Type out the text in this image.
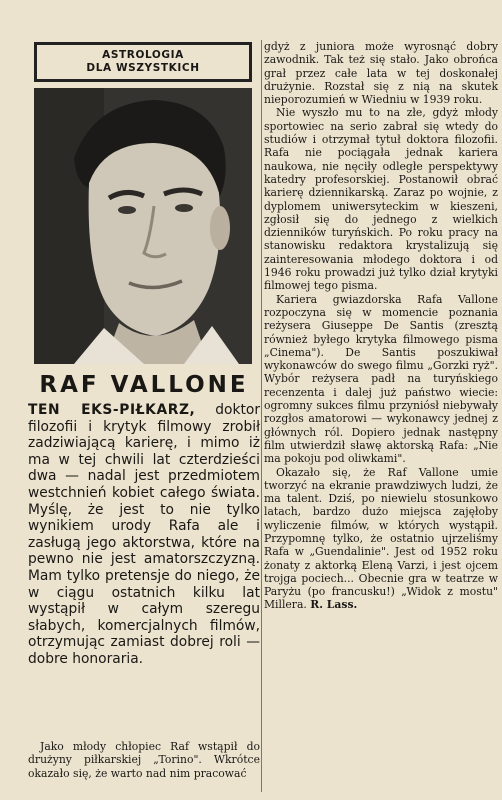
ASTROLOGIA
DLA WSZYSTKICH
RAF VALLONE
TEN EKS-PIŁKARZ, doktor filozofii i krytyk filmowy zrobił zadziwiającą karierę, i mimo iż ma w tej chwili lat czterdzieści dwa — nadal jest przedmiotem westchnień kobiet całego świata. Myślę, że jest to nie tylko wynikiem urody Rafa ale i zasługą jego aktorstwa, które na pewno nie jest amatorszczyzną. Mam tylko pretensje do niego, że w ciągu ostatnich kilku lat wystąpił w całym szeregu słabych, komercjalnych filmów, otrzymując zamiast dobrej roli — dobre honoraria.
Jako młody chłopiec Raf wstąpił do drużyny piłkarskiej „Torino". Wkrótce okazało się, że warto nad nim pracować

gdyż z juniora może wyrosnąć dobry zawodnik. Tak też się stało. Jako obrońca grał przez całe lata w tej doskonałej drużynie. Rozstał się z nią na skutek nieporozumień w Wiedniu w 1939 roku.

Nie wyszło mu to na złe, gdyż młody sportowiec na serio zabrał się wtedy do studiów i otrzymał tytuł doktora filozofii. Rafa nie pociągała jednak kariera naukowa, nie nęciły odległe perspektywy katedry profesorskiej. Postanowił obrać karierę dziennikarską. Zaraz po wojnie, z dyplomem uniwersyteckim w kieszeni, zgłosił się do jednego z wielkich dzienników turyńskich. Po roku pracy na stanowisku redaktora krystalizują się zainteresowania młodego doktora i od 1946 roku prowadzi już tylko dział krytyki filmowej tego pisma.

Kariera gwiazdorska Rafa Vallone rozpoczyna się w momencie poznania reżysera Giuseppe De Santis (zresztą również byłego krytyka filmowego pisma „Cinema"). De Santis poszukiwał wykonawców do swego filmu „Gorzki ryż". Wybór reżysera padł na turyńskiego recenzenta i dalej już państwo wiecie: ogromny sukces filmu przyniósł niebywały rozgłos amatorowi — wykonawcy jednej z głównych ról. Dopiero jednak następny film utwierdził sławę aktorską Rafa: „Nie ma pokoju pod oliwkami".

Okazało się, że Raf Vallone umie tworzyć na ekranie prawdziwych ludzi, że ma talent. Dziś, po niewielu stosunkowo latach, bardzo dużo miejsca zajęłoby wyliczenie filmów, w których wystąpił. Przypomnę tylko, że ostatnio ujrzeliśmy Rafa w „Guendalinie". Jest od 1952 roku żonaty z aktorką Eleną Varzi, i jest ojcem trojga pociech... Obecnie gra w teatrze w Paryżu (po francusku!) „Widok z mostu" Millera. R. Lass.
